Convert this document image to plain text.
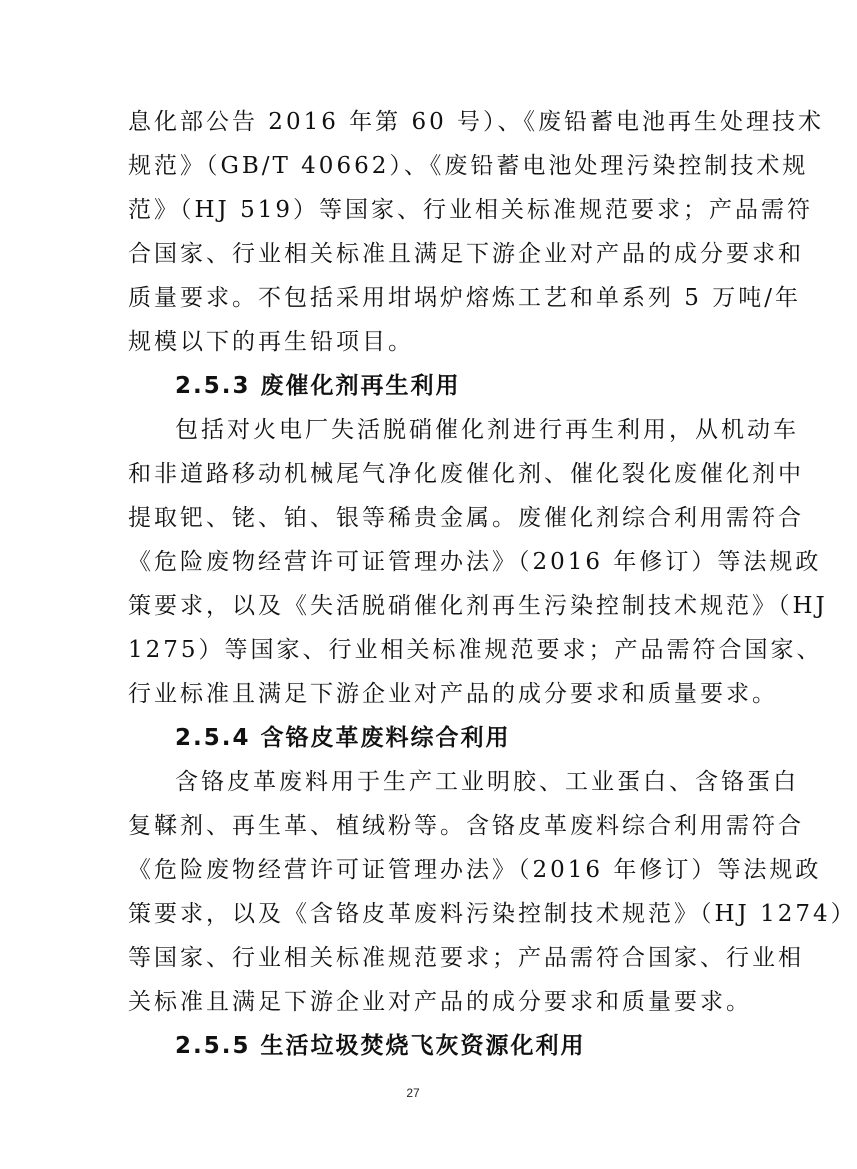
息化部公告 2016 年第 60 号）、《废铅蓄电池再生处理技术
规范》（GB/T 40662）、《废铅蓄电池处理污染控制技术规
范》（HJ 519）等国家、行业相关标准规范要求；产品需符
合国家、行业相关标准且满足下游企业对产品的成分要求和
质量要求。不包括采用坩埚炉熔炼工艺和单系列 5 万吨/年
规模以下的再生铅项目。
2.5.3 废催化剂再生利用
包括对火电厂失活脱硝催化剂进行再生利用，从机动车
和非道路移动机械尾气净化废催化剂、催化裂化废催化剂中
提取钯、铑、铂、银等稀贵金属。废催化剂综合利用需符合
《危险废物经营许可证管理办法》（2016 年修订）等法规政
策要求，以及《失活脱硝催化剂再生污染控制技术规范》（HJ
1275）等国家、行业相关标准规范要求；产品需符合国家、
行业标准且满足下游企业对产品的成分要求和质量要求。
2.5.4 含铬皮革废料综合利用
含铬皮革废料用于生产工业明胶、工业蛋白、含铬蛋白
复鞣剂、再生革、植绒粉等。含铬皮革废料综合利用需符合
《危险废物经营许可证管理办法》（2016 年修订）等法规政
策要求，以及《含铬皮革废料污染控制技术规范》（HJ 1274）
等国家、行业相关标准规范要求；产品需符合国家、行业相
关标准且满足下游企业对产品的成分要求和质量要求。
2.5.5 生活垃圾焚烧飞灰资源化利用
27
